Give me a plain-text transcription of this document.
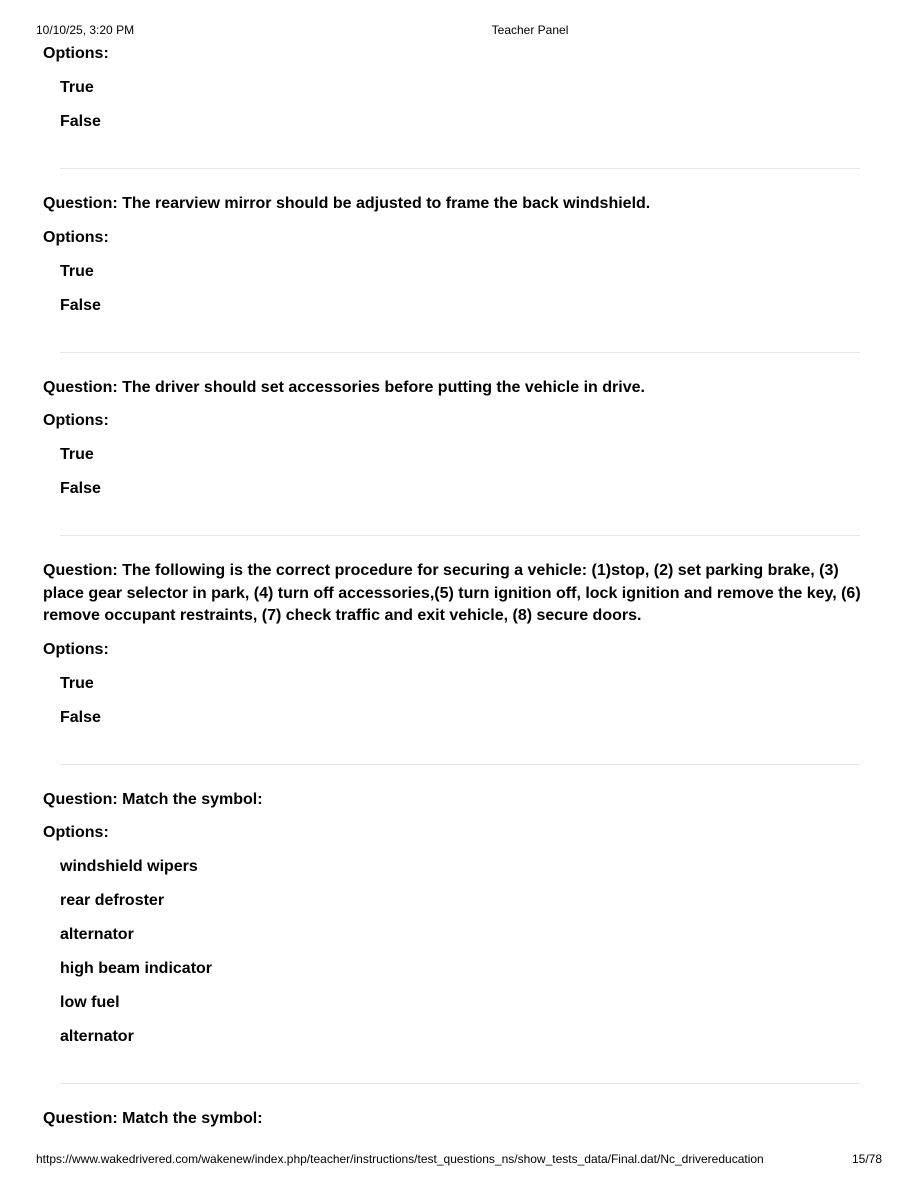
10/10/25, 3:20 PM	Teacher Panel

Options:

True

False

Question: The rearview mirror should be adjusted to frame the back windshield.

Options:

True

False

Question: The driver should set accessories before putting the vehicle in drive.

Options:

True

False

Question: The following is the correct procedure for securing a vehicle: (1)stop, (2) set parking brake, (3) place gear selector in park, (4) turn off accessories,(5) turn ignition off, lock ignition and remove the key, (6) remove occupant restraints, (7) check traffic and exit vehicle, (8) secure doors.

Options:

True

False

Question: Match the symbol:

Options:

windshield wipers

rear defroster

alternator

high beam indicator

low fuel

alternator

Question: Match the symbol:

https://www.wakedrivered.com/wakenew/index.php/teacher/instructions/test_questions_ns/show_tests_data/Final.dat/Nc_drivereducation	15/78
